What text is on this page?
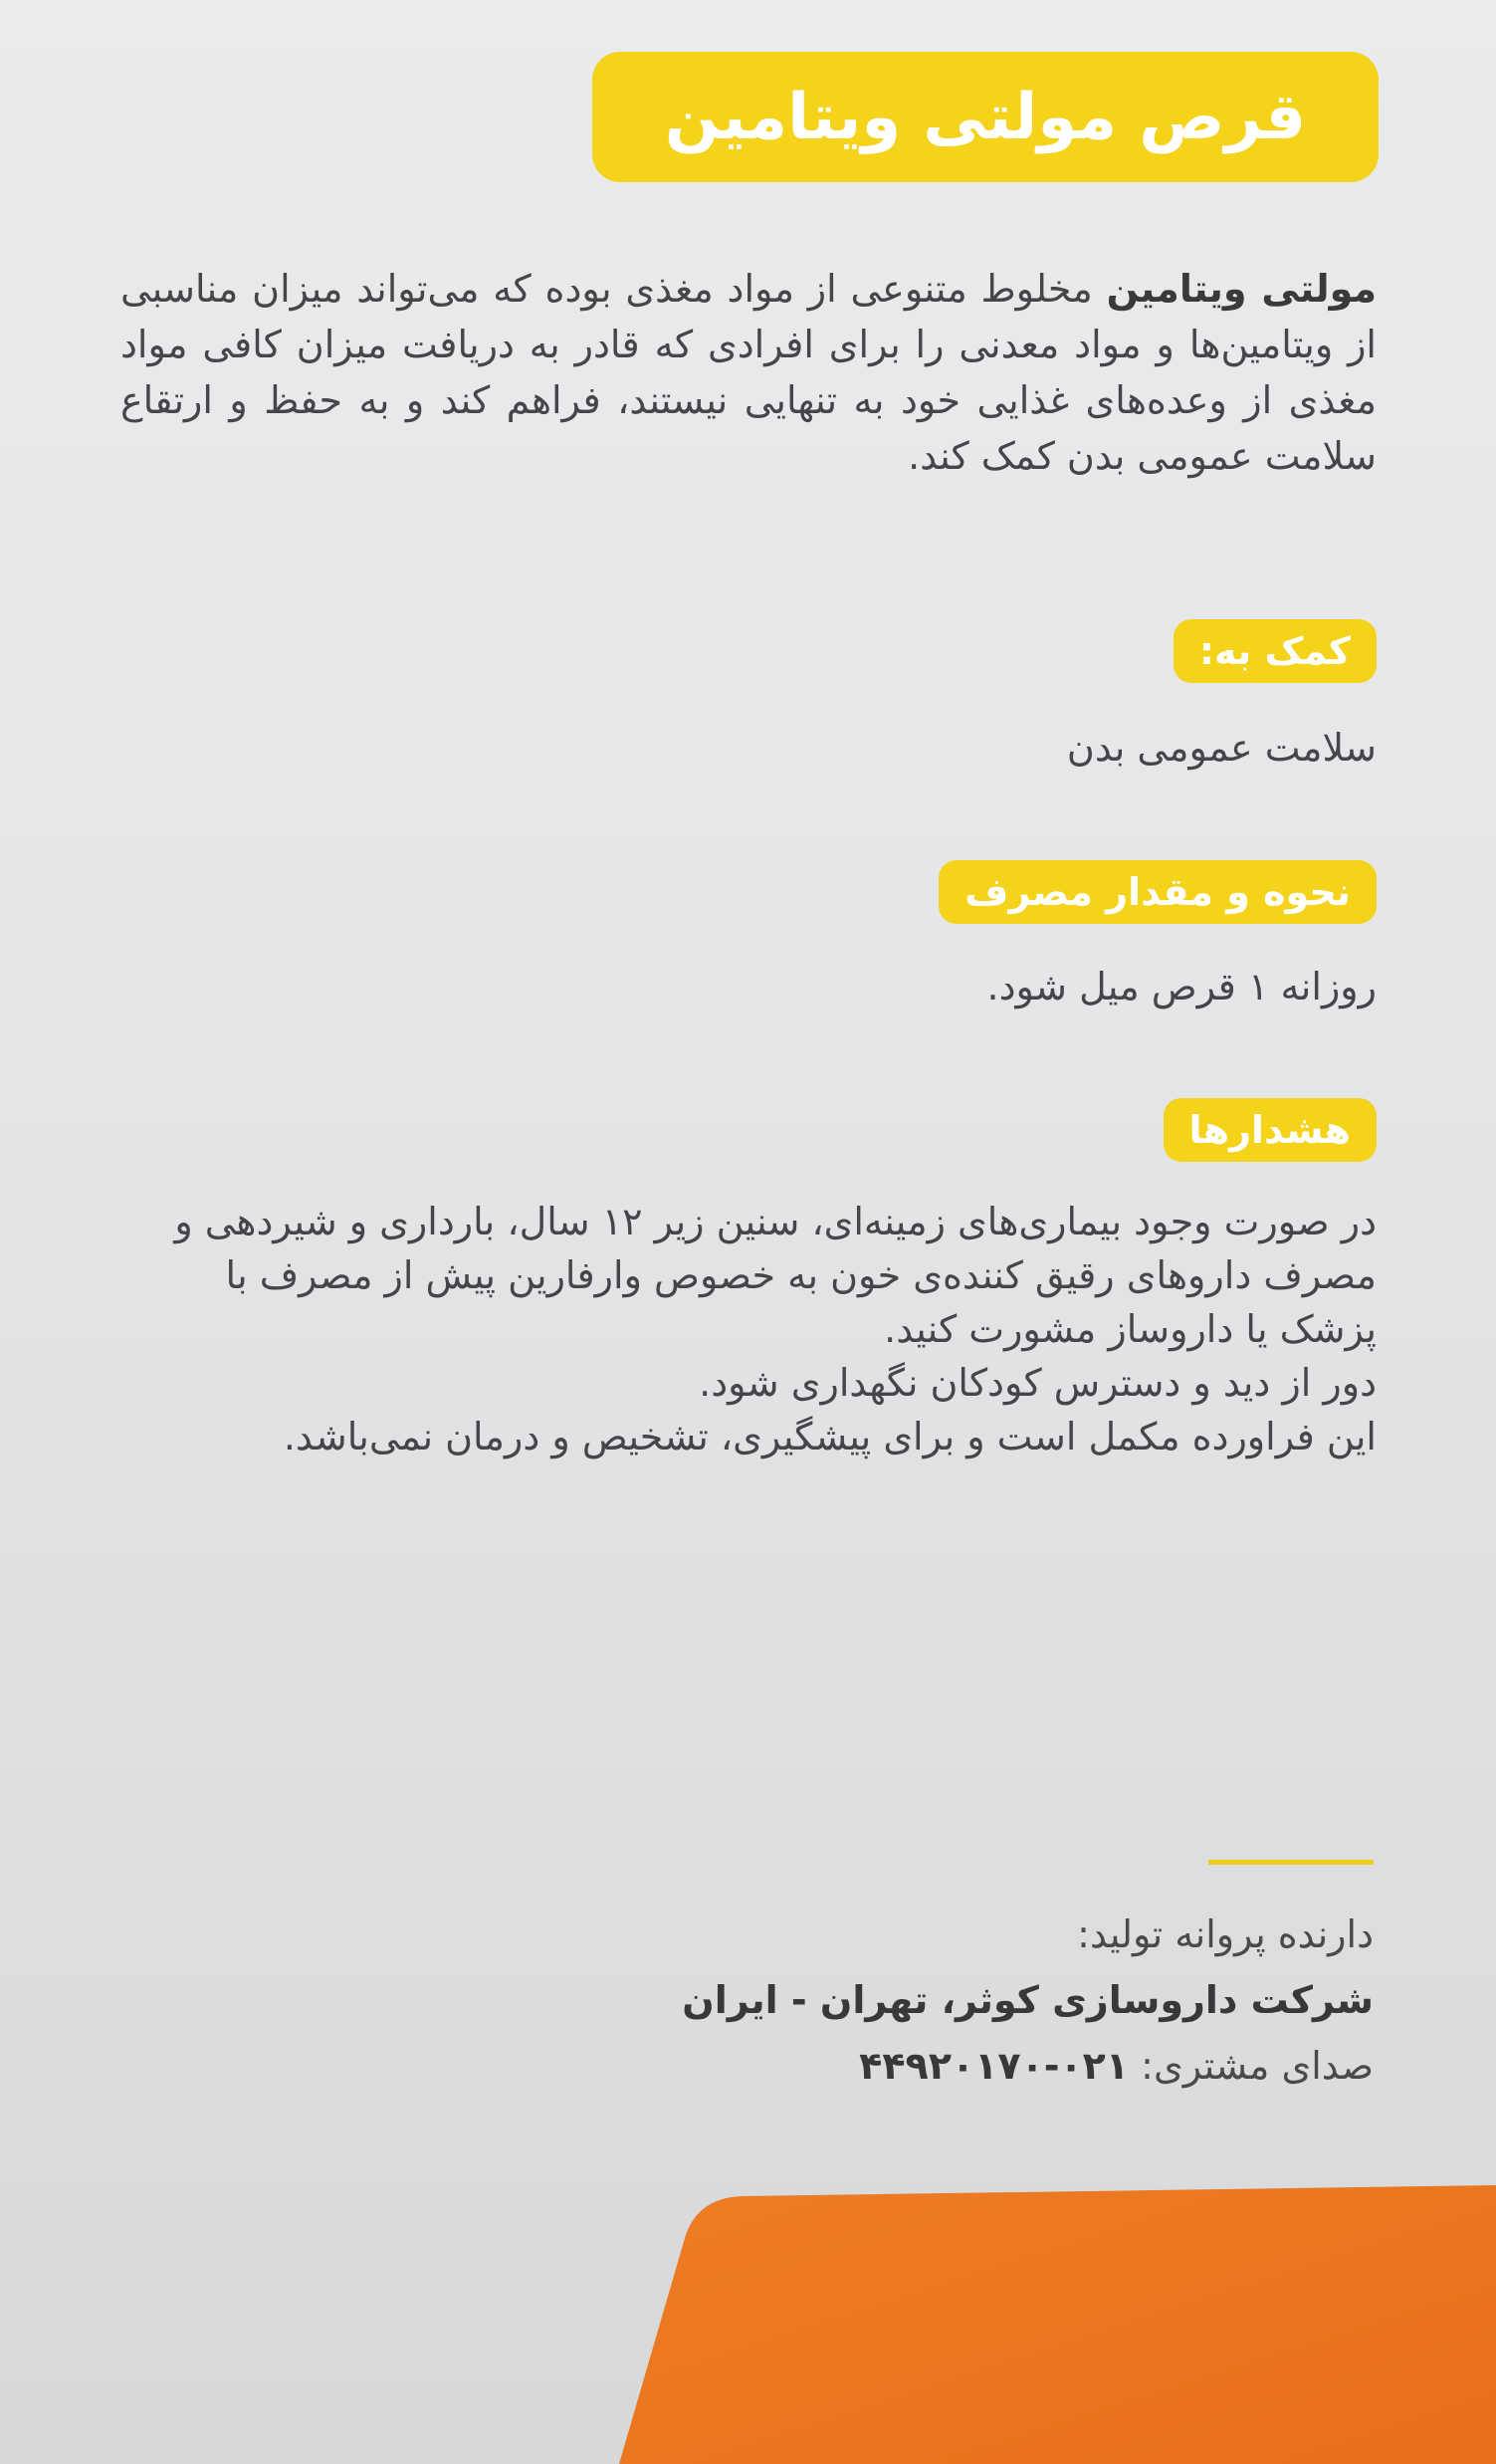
قرص مولتی ویتامین
مولتی ویتامین مخلوط متنوعی از مواد مغذی بوده که می‌تواند میزان مناسبی از ویتامین‌ها و مواد معدنی را برای افرادی که قادر به دریافت میزان کافی مواد مغذی از وعده‌های غذایی خود به تنهایی نیستند، فراهم کند و به حفظ و ارتقاع سلامت عمومی بدن کمک کند.
کمک به:
سلامت عمومی بدن
نحوه و مقدار مصرف
روزانه ۱ قرص میل شود.
هشدارها

در صورت وجود بیماری‌های زمینه‌ای، سنین زیر ۱۲ سال، بارداری و شیردهی و مصرف داروهای رقیق کننده‌ی خون به خصوص وارفارین پیش از مصرف با پزشک یا داروساز مشورت کنید.

دور از دید و دسترس کودکان نگهداری شود.

این فراورده مکمل است و برای پیشگیری، تشخیص و درمان نمی‌باشد.

دارنده پروانه تولید:
شرکت داروسازی کوثر، تهران - ایران
صدای مشتری: ۰۲۱-۴۴۹۲۰۱۷۰
